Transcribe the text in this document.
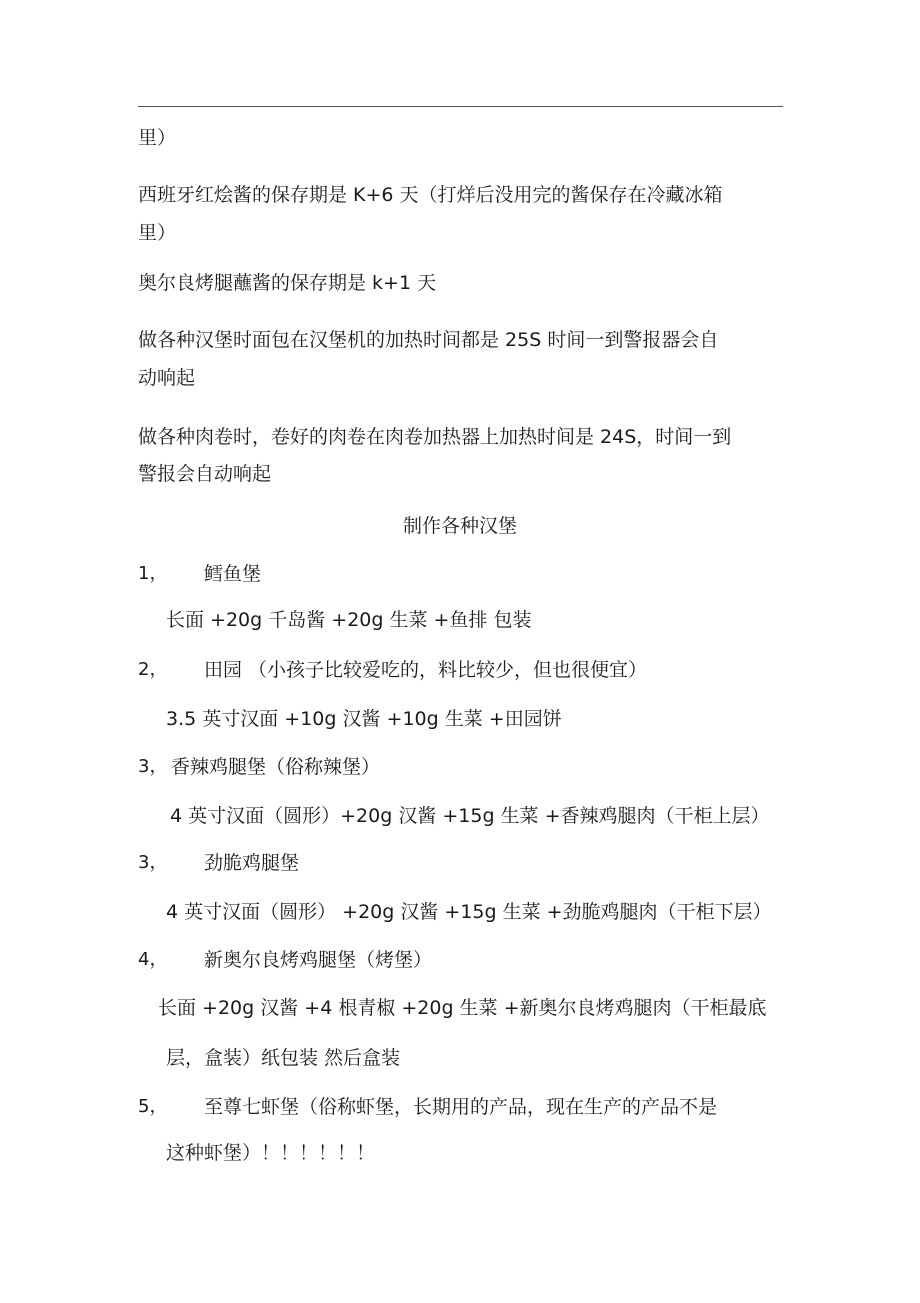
里）
西班牙红烩酱的保存期是 K+6 天（打烊后没用完的酱保存在冷藏冰箱
里）
奥尔良烤腿蘸酱的保存期是 k+1 天
做各种汉堡时面包在汉堡机的加热时间都是 25S 时间一到警报器会自
动响起
做各种肉卷时，卷好的肉卷在肉卷加热器上加热时间是 24S，时间一到
警报会自动响起
制作各种汉堡
1， 鳕鱼堡
长面 +20g 千岛酱 +20g 生菜 +鱼排 包装
2， 田园 （小孩子比较爱吃的，料比较少，但也很便宜）
3.5 英寸汉面 +10g 汉酱 +10g 生菜 +田园饼
3， 香辣鸡腿堡（俗称辣堡）
4 英寸汉面（圆形）+20g 汉酱 +15g 生菜 +香辣鸡腿肉（干柜上层）
3， 劲脆鸡腿堡
4 英寸汉面（圆形） +20g 汉酱 +15g 生菜 +劲脆鸡腿肉（干柜下层）
4， 新奥尔良烤鸡腿堡（烤堡）
长面 +20g 汉酱 +4 根青椒 +20g 生菜 +新奥尔良烤鸡腿肉（干柜最底
层，盒装）纸包装 然后盒装
5， 至尊七虾堡（俗称虾堡，长期用的产品，现在生产的产品不是
这种虾堡）！！！！！！
